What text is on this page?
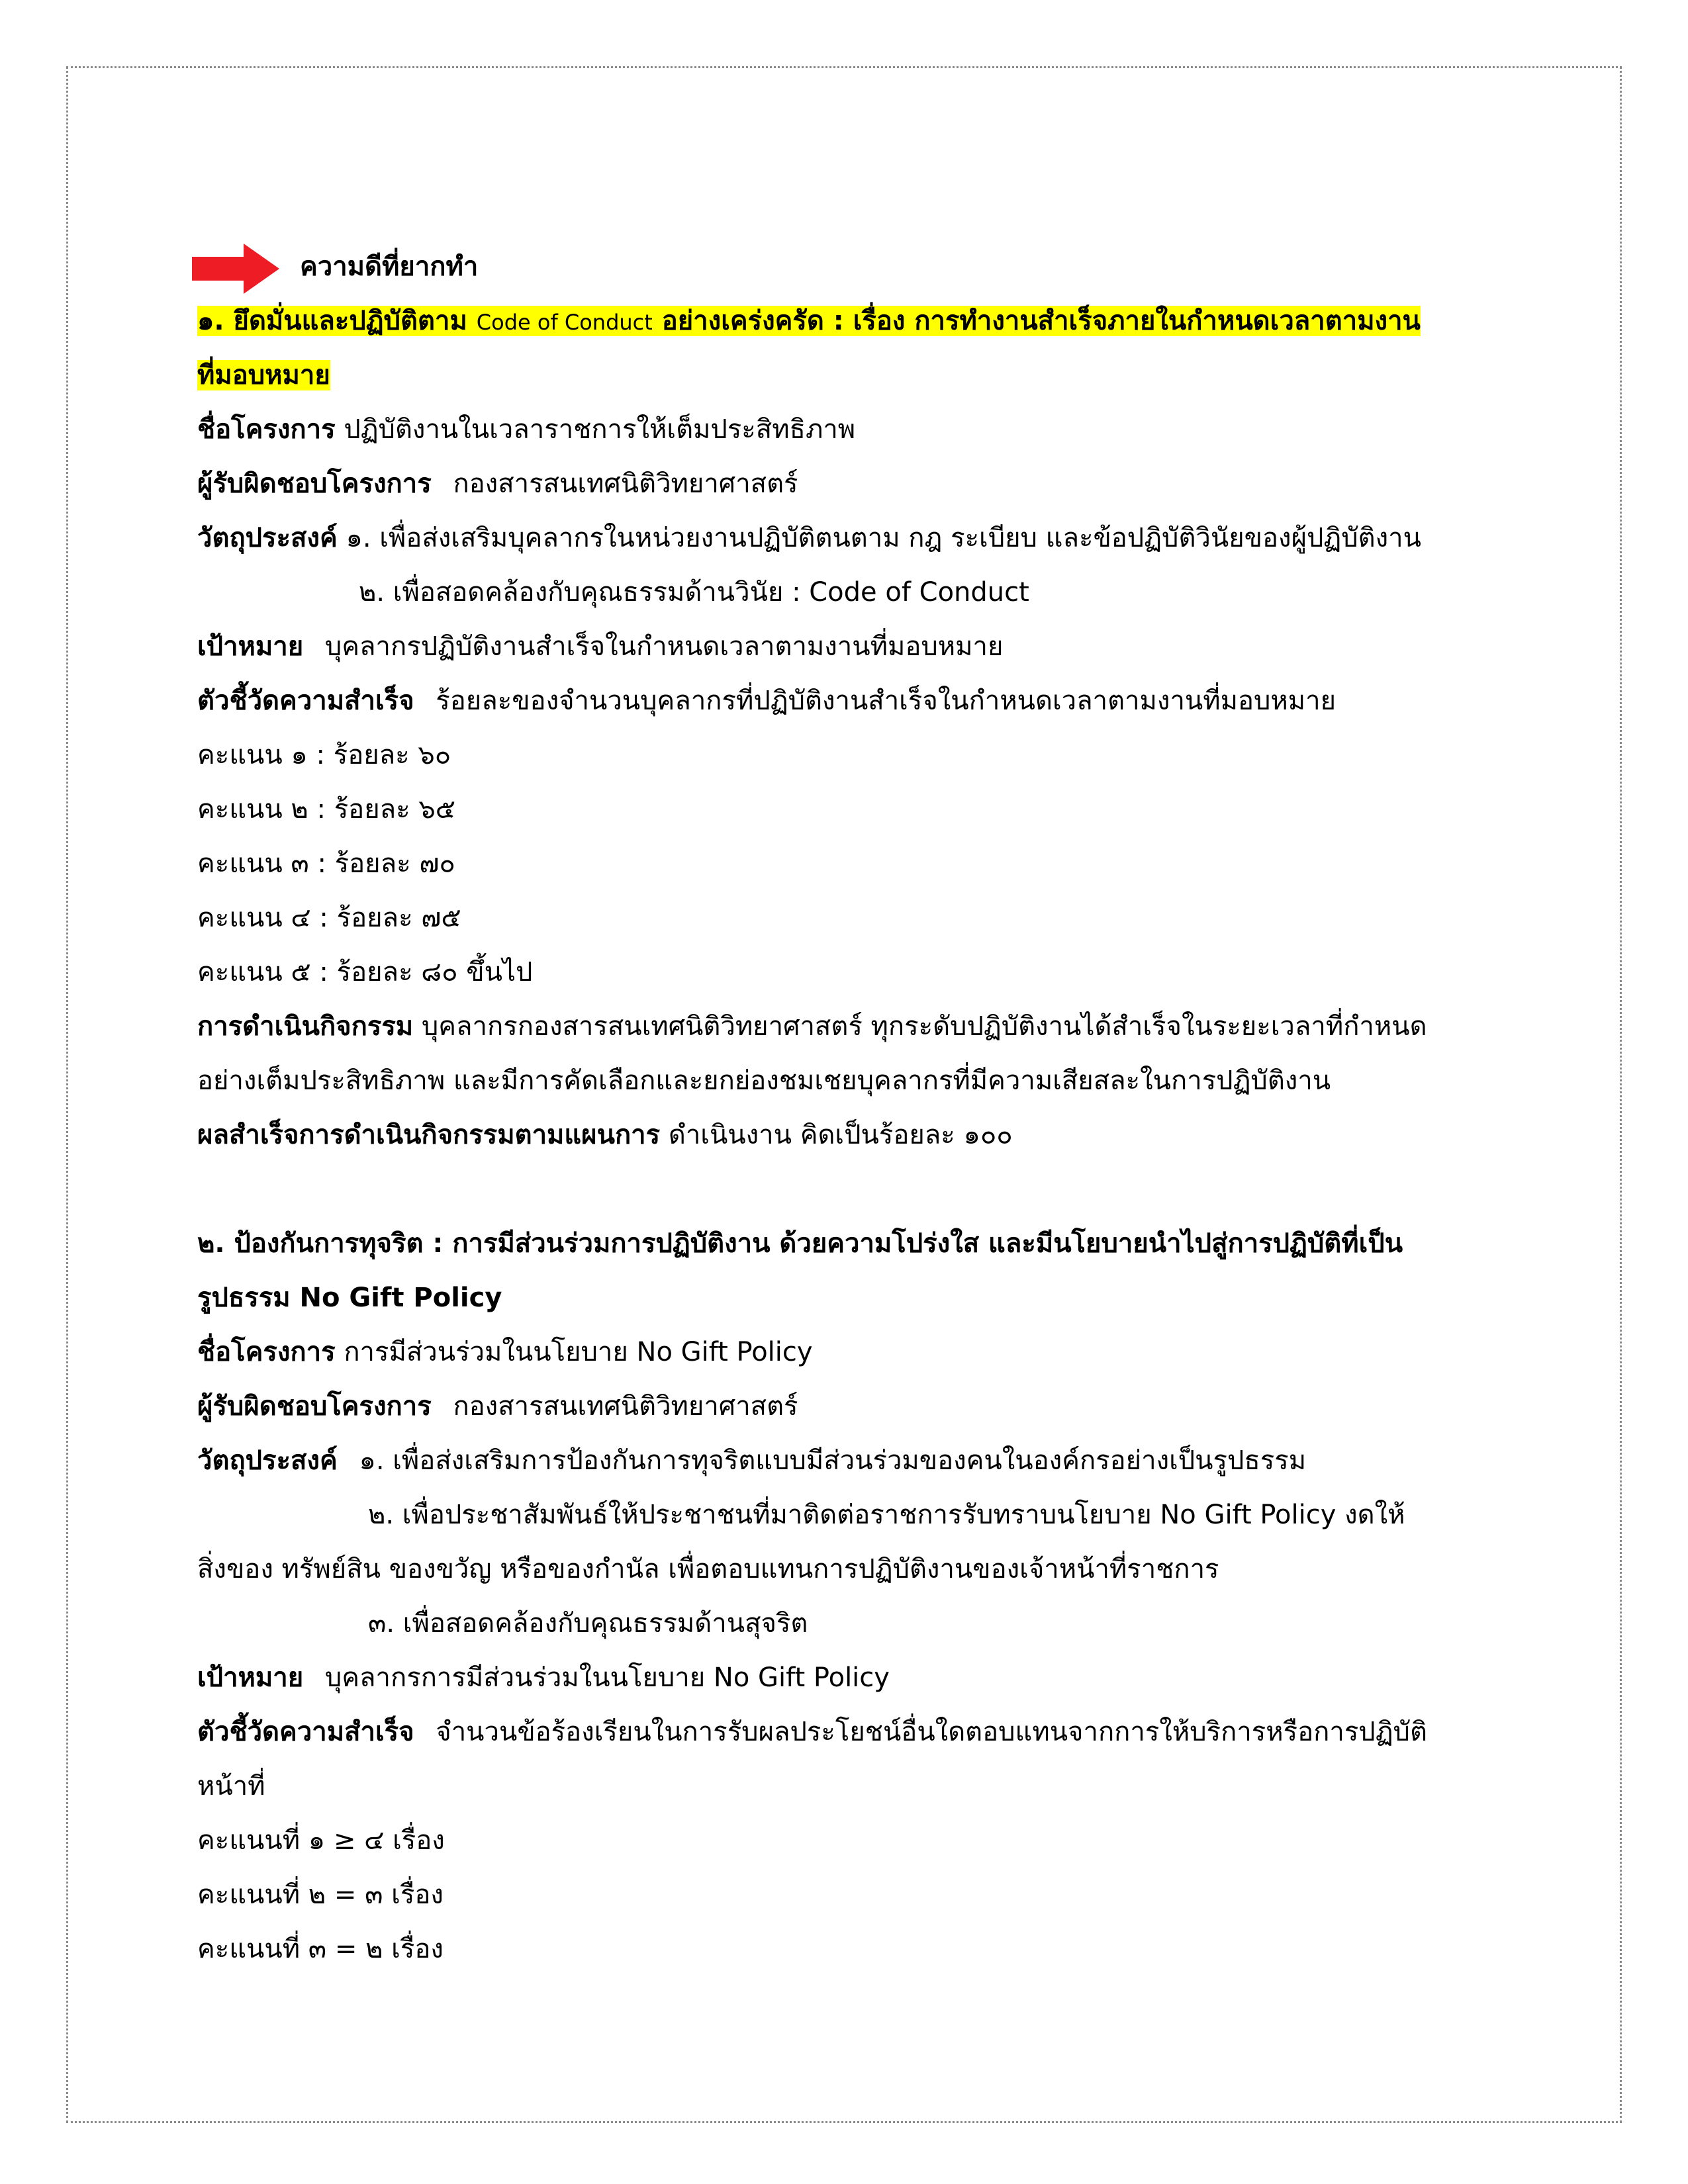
ความดีที่ยากทำ
๑. ยึดมั่นและปฏิบัติตาม Code of Conduct อย่างเคร่งครัด : เรื่อง การทำงานสำเร็จภายในกำหนดเวลาตามงาน
ที่มอบหมาย
ชื่อโครงการ ปฏิบัติงานในเวลาราชการให้เต็มประสิทธิภาพ
ผู้รับผิดชอบโครงการ กองสารสนเทศนิติวิทยาศาสตร์
วัตถุประสงค์ ๑. เพื่อส่งเสริมบุคลากรในหน่วยงานปฏิบัติตนตาม กฎ ระเบียบ และข้อปฏิบัติวินัยของผู้ปฏิบัติงาน
๒. เพื่อสอดคล้องกับคุณธรรมด้านวินัย : Code of Conduct
เป้าหมาย บุคลากรปฏิบัติงานสำเร็จในกำหนดเวลาตามงานที่มอบหมาย
ตัวชี้วัดความสำเร็จ ร้อยละของจำนวนบุคลากรที่ปฏิบัติงานสำเร็จในกำหนดเวลาตามงานที่มอบหมาย
คะแนน ๑ : ร้อยละ ๖๐
คะแนน ๒ : ร้อยละ ๖๕
คะแนน ๓ : ร้อยละ ๗๐
คะแนน ๔ : ร้อยละ ๗๕
คะแนน ๕ : ร้อยละ ๘๐ ขึ้นไป
การดำเนินกิจกรรม บุคลากรกองสารสนเทศนิติวิทยาศาสตร์ ทุกระดับปฏิบัติงานได้สำเร็จในระยะเวลาที่กำหนด
อย่างเต็มประสิทธิภาพ และมีการคัดเลือกและยกย่องชมเชยบุคลากรที่มีความเสียสละในการปฏิบัติงาน
ผลสำเร็จการดำเนินกิจกรรมตามแผนการ ดำเนินงาน คิดเป็นร้อยละ ๑๐๐
๒. ป้องกันการทุจริต : การมีส่วนร่วมการปฏิบัติงาน ด้วยความโปร่งใส และมีนโยบายนำไปสู่การปฏิบัติที่เป็น
รูปธรรม No Gift Policy
ชื่อโครงการ การมีส่วนร่วมในนโยบาย No Gift Policy
ผู้รับผิดชอบโครงการ กองสารสนเทศนิติวิทยาศาสตร์
วัตถุประสงค์ ๑. เพื่อส่งเสริมการป้องกันการทุจริตแบบมีส่วนร่วมของคนในองค์กรอย่างเป็นรูปธรรม
๒. เพื่อประชาสัมพันธ์ให้ประชาชนที่มาติดต่อราชการรับทราบนโยบาย No Gift Policy งดให้
สิ่งของ ทรัพย์สิน ของขวัญ หรือของกำนัล เพื่อตอบแทนการปฏิบัติงานของเจ้าหน้าที่ราชการ
๓. เพื่อสอดคล้องกับคุณธรรมด้านสุจริต
เป้าหมาย บุคลากรการมีส่วนร่วมในนโยบาย No Gift Policy
ตัวชี้วัดความสำเร็จ จำนวนข้อร้องเรียนในการรับผลประโยชน์อื่นใดตอบแทนจากการให้บริการหรือการปฏิบัติ
หน้าที่
คะแนนที่ ๑ ≥ ๔ เรื่อง
คะแนนที่ ๒ = ๓ เรื่อง
คะแนนที่ ๓ = ๒ เรื่อง
